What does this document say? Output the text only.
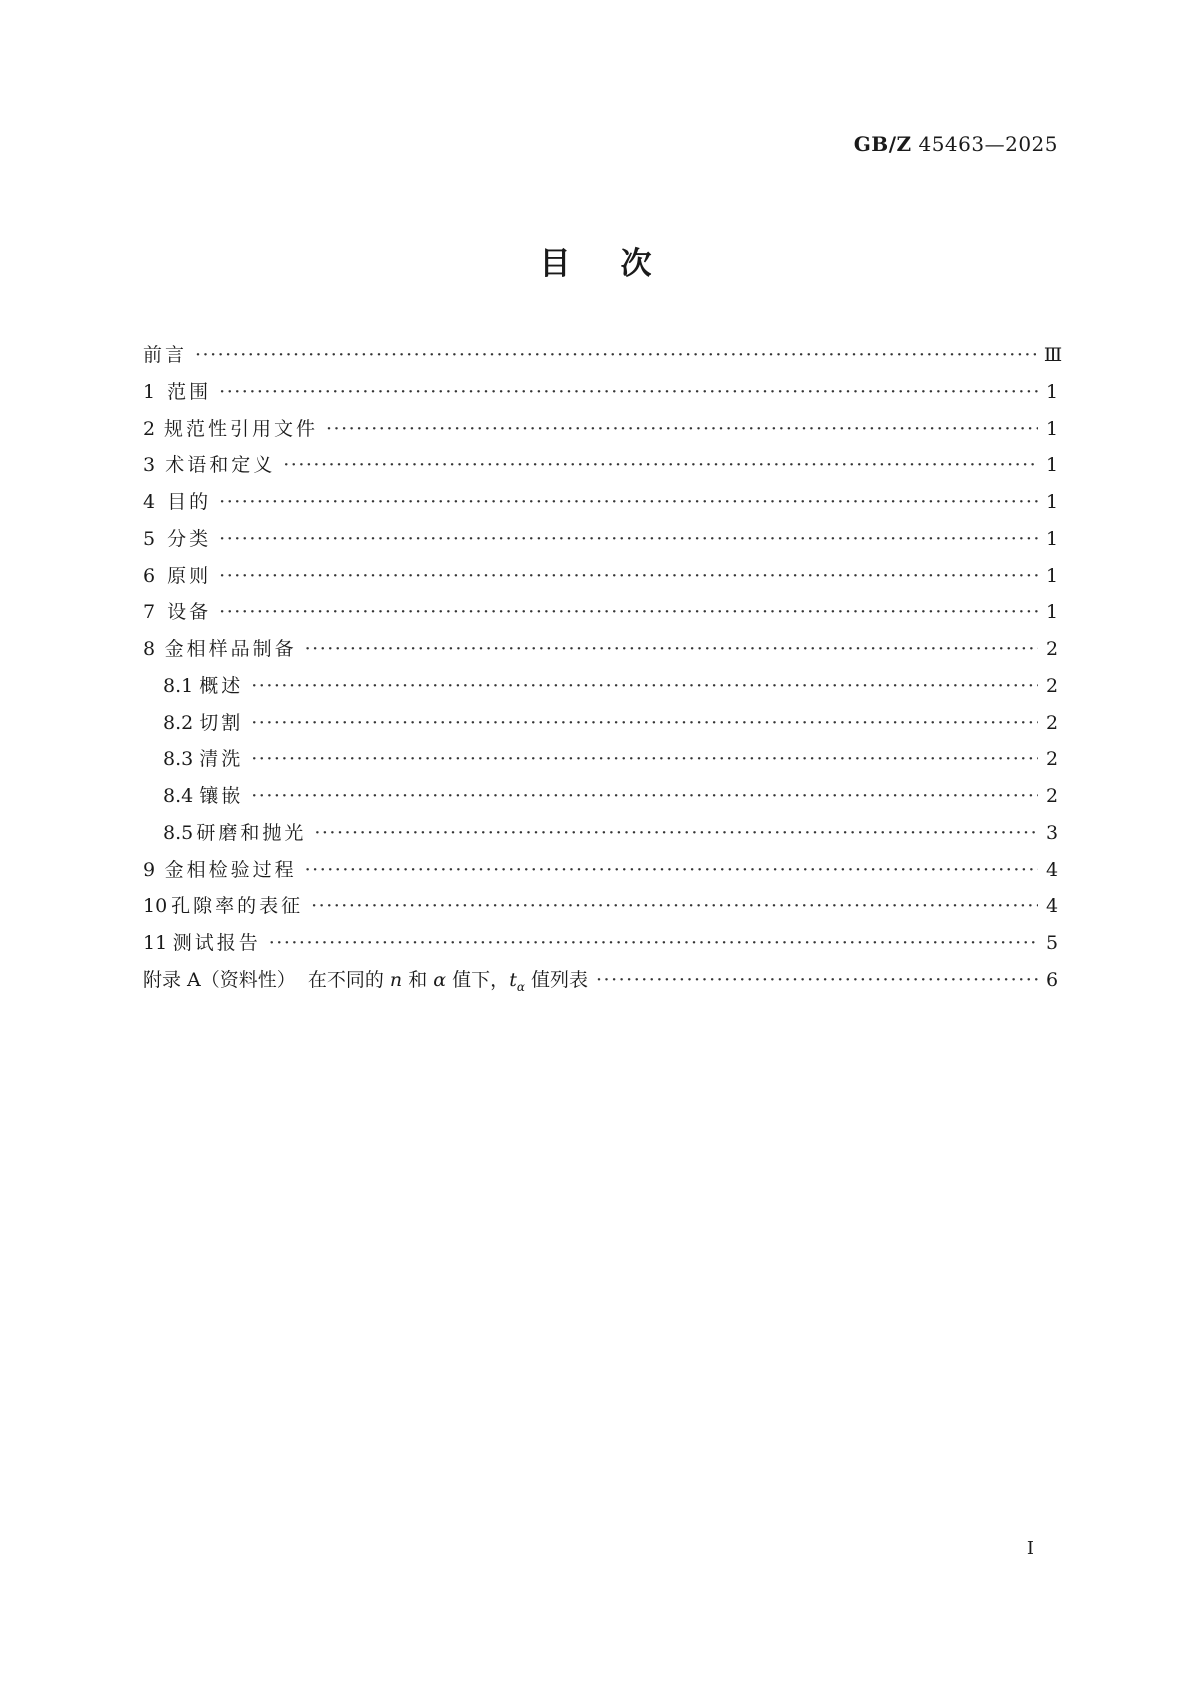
GB/Z 45463—2025
目次
前言 ·····	Ⅲ
1 范围 ·····	1
2 规范性引用文件 ·····	1
3 术语和定义 ·····	1
4 目的 ·····	1
5 分类 ·····	1
6 原则 ·····	1
7 设备 ·····	1
8 金相样品制备 ·····	2
8.1 概述 ·····	2
8.2 切割 ·····	2
8.3 清洗 ·····	2
8.4 镶嵌 ·····	2
8.5 研磨和抛光 ·····	3
9 金相检验过程 ·····	4
10 孔隙率的表征 ·····	4
11 测试报告 ·····	5
附录 A（资料性） 在不同的 n 和 α 值下，$t_\alpha$ 值列表 ·····	6
I
